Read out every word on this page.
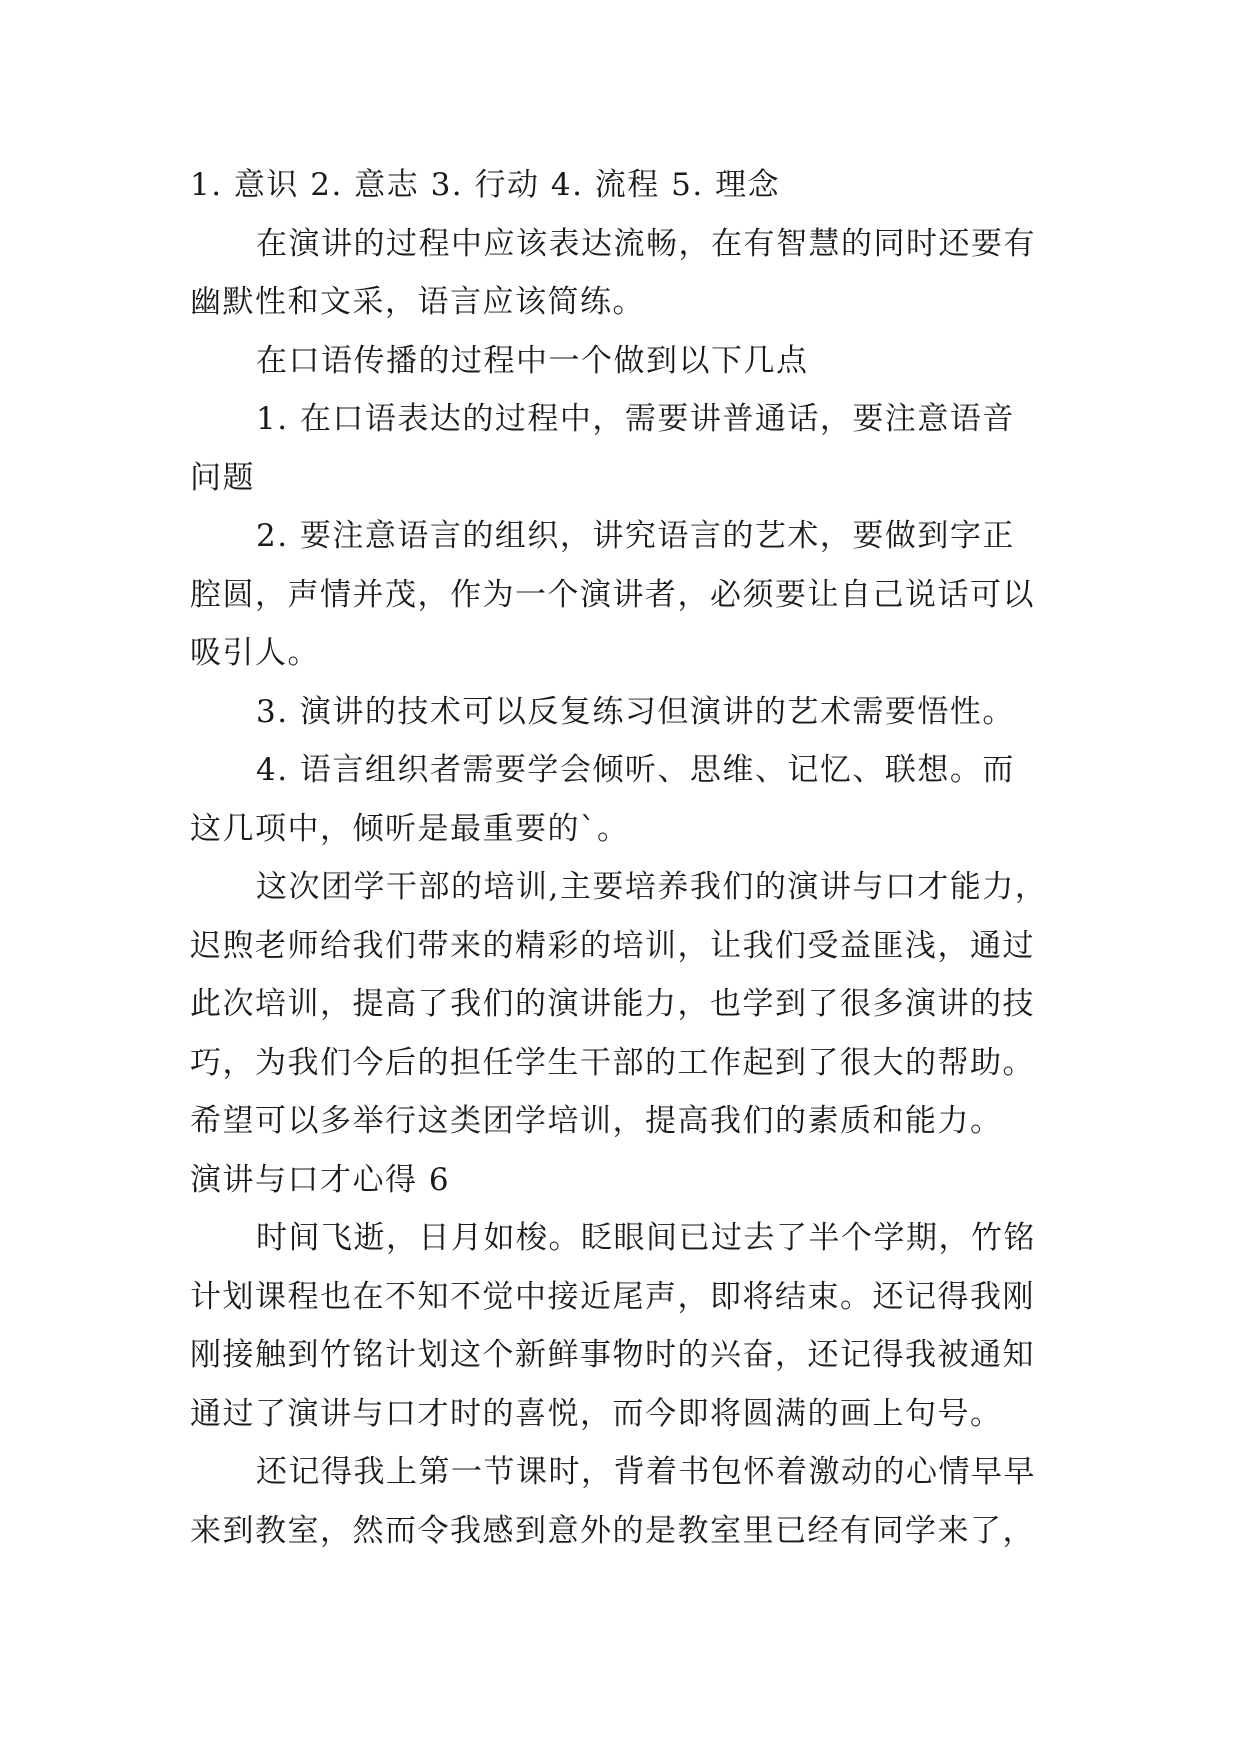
1. 意识 2. 意志 3. 行动 4. 流程 5. 理念
在演讲的过程中应该表达流畅，在有智慧的同时还要有
幽默性和文采，语言应该简练。
在口语传播的过程中一个做到以下几点
1. 在口语表达的过程中，需要讲普通话，要注意语音
问题
2. 要注意语言的组织，讲究语言的艺术，要做到字正
腔圆，声情并茂，作为一个演讲者，必须要让自己说话可以
吸引人。
3. 演讲的技术可以反复练习但演讲的艺术需要悟性。
4. 语言组织者需要学会倾听、思维、记忆、联想。而
这几项中，倾听是最重要的`。
这次团学干部的培训,主要培养我们的演讲与口才能力，
迟煦老师给我们带来的精彩的培训，让我们受益匪浅，通过
此次培训，提高了我们的演讲能力，也学到了很多演讲的技
巧，为我们今后的担任学生干部的工作起到了很大的帮助。
希望可以多举行这类团学培训，提高我们的素质和能力。
演讲与口才心得 6
时间飞逝，日月如梭。眨眼间已过去了半个学期，竹铭
计划课程也在不知不觉中接近尾声，即将结束。还记得我刚
刚接触到竹铭计划这个新鲜事物时的兴奋，还记得我被通知
通过了演讲与口才时的喜悦，而今即将圆满的画上句号。
还记得我上第一节课时，背着书包怀着激动的心情早早
来到教室，然而令我感到意外的是教室里已经有同学来了，
